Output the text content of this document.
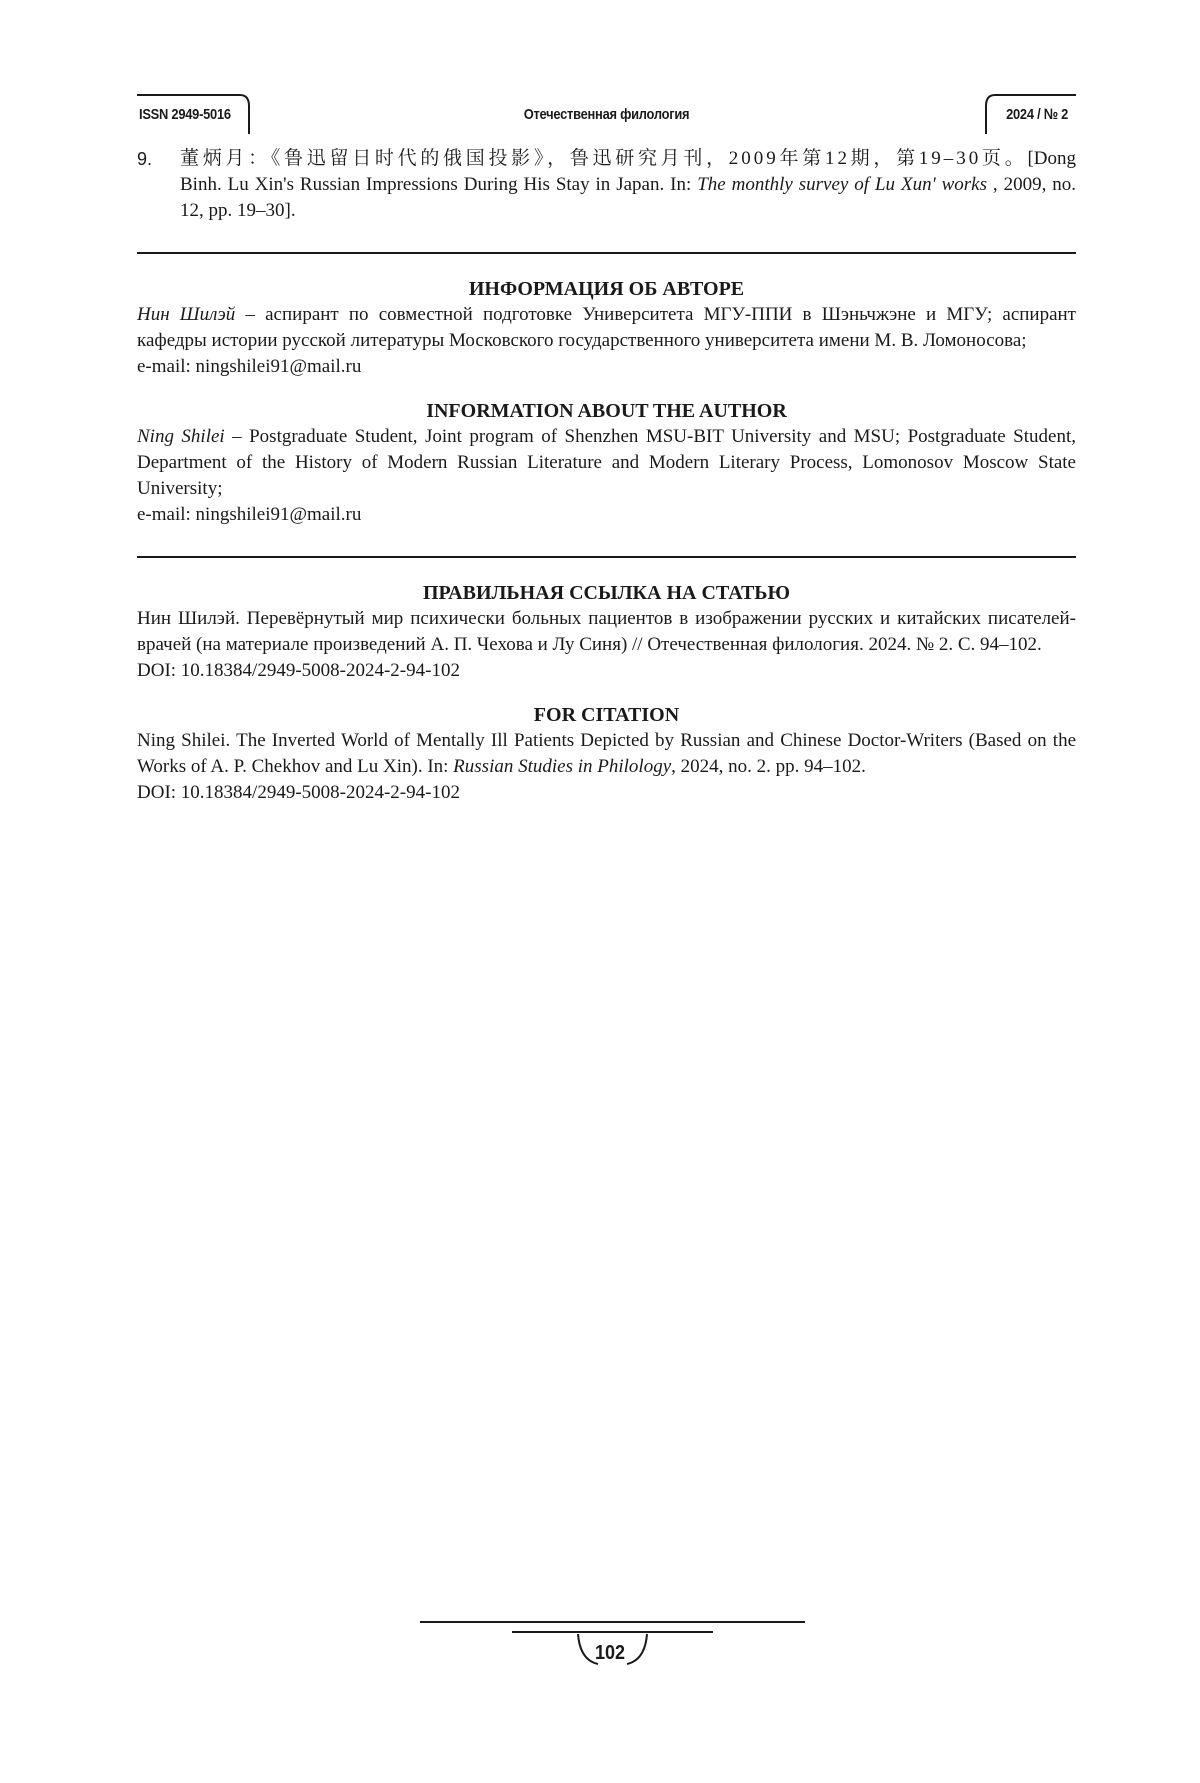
ISSN 2949-5016	Отечественная филология	2024 / № 2
9.	董炳月：《鲁迅留日时代的俄国投影》，鲁迅研究月刊，2009年第12期，第19–30页。[Dong Binh. Lu Xin's Russian Impressions During His Stay in Japan. In: The monthly survey of Lu Xun' works , 2009, no. 12, pp. 19–30].
ИНФОРМАЦИЯ ОБ АВТОРЕ

Нин Шилэй – аспирант по совместной подготовке Университета МГУ-ППИ в Шэньчжэне и МГУ; аспирант кафедры истории русской литературы Московского государственного университета имени М. В. Ломоносова;

e-mail: ningshilei91@mail.ru

INFORMATION ABOUT THE AUTHOR

Ning Shilei – Postgraduate Student, Joint program of Shenzhen MSU-BIT University and MSU; Postgraduate Student, Department of the History of Modern Russian Literature and Modern Literary Process, Lomonosov Moscow State University;

e-mail: ningshilei91@mail.ru

ПРАВИЛЬНАЯ ССЫЛКА НА СТАТЬЮ

Нин Шилэй. Перевёрнутый мир психически больных пациентов в изображении русских и китайских писателей-врачей (на материале произведений А. П. Чехова и Лу Синя) // Отечественная филология. 2024. № 2. С. 94–102.

DOI: 10.18384/2949-5008-2024-2-94-102

FOR CITATION

Ning Shilei. The Inverted World of Mentally Ill Patients Depicted by Russian and Chinese Doctor-Writers (Based on the Works of A. P. Chekhov and Lu Xin). In: Russian Studies in Philology, 2024, no. 2. pp. 94–102.

DOI: 10.18384/2949-5008-2024-2-94-102

102
